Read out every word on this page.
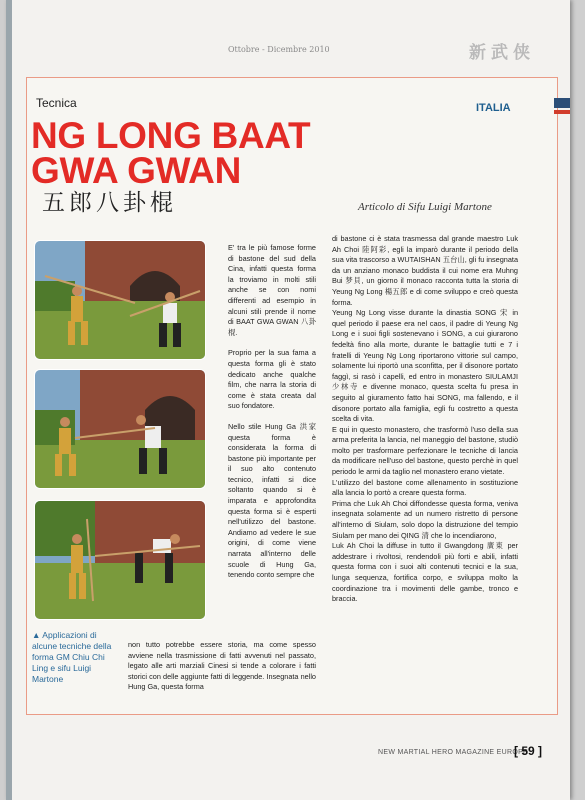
Ottobre - Dicembre 2010	新武侠
Tecnica	ITALIA
NG LONG BAAT
GWA GWAN
五郎八卦棍	Articolo di Sifu Luigi Martone
▲ Applicazioni di alcune tecniche della forma GM Chiu Chi Ling e sifu Luigi Martone

E' tra le più famose forme di bastone del sud della Cina, infatti questa forma la troviamo in molti stili anche se con nomi differenti ad esempio in alcuni stili prende il nome di BAAT GWA GWAN 八卦棍.

Proprio per la sua fama a questa forma gli è stato dedicato anche qualche film, che narra la storia di come è stata creata dal suo fondatore.

Nello stile Hung Ga 洪家 questa forma è considerata la forma di bastone più importante per il suo alto contenuto tecnico, infatti si dice soltanto quando si è imparata e approfondita questa forma si è esperti nell'utilizzo del bastone. Andiamo ad vedere le sue origini, di come viene narrata all'interno delle scuole di Hung Ga, tenendo conto sempre che

non tutto potrebbe essere storia, ma come spesso avviene nella trasmissione di fatti avvenuti nel passato, legato alle arti marziali Cinesi si tende a colorare i fatti storici con delle aggiunte fatti di leggende. Insegnata nello Hung Ga, questa forma

di bastone ci è stata trasmessa dal grande maestro Luk Ah Choi 陸阿彩, egli la imparò durante il periodo della sua vita trascorso a WUTAISHAN 五台山, gli fu insegnata da un anziano monaco buddista il cui nome era Muhng Bui 梦貝, un giorno il monaco racconta tutta la storia di Yeung Ng Long 楊五郎 e di come sviluppo e creò questa forma.

Yeung Ng Long visse durante la dinastia SONG 宋 in quel periodo il paese era nel caos, il padre di Yeung Ng Long e i suoi figli sostenevano i SONG, a cui giurarono fedeltà fino alla morte, durante le battaglie tutti e 7 i fratelli di Yeung Ng Long riportarono vittorie sul campo, solamente lui riportò una sconfitta, per il disonore portato faggì, si rasò i capelli, ed entro in monastero SIULAMJI 少林寺 e divenne monaco, questa scelta fu presa in seguito al giuramento fatto hai SONG, ma fallendo, e il disonore portato alla famiglia, egli fu costretto a questa scelta di vita.

E qui in questo monastero, che trasformò l'uso della sua arma preferita la lancia, nel maneggio del bastone, studiò molto per trasformare perfezionare le tecniche di lancia da modificare nell'uso del bastone, questo perchè in quel periodo le armi da taglio nel monastero erano vietate.

L'utilizzo del bastone come allenamento in sostituzione alla lancia lo portò a creare questa forma.

Prima che Luk Ah Choi diffondesse questa forma, veniva insegnata solamente ad un numero ristretto di persone all'interno di Siulam, solo dopo la distruzione del tempio Siulam per mano dei QING 清 che lo incendiarono,

Luk Ah Choi la diffuse in tutto il Gwangdong 廣東 per addestrare i rivoltosi, rendendoli più forti e abili, infatti questa forma con i suoi alti contenuti tecnici e la sua, lunga sequenza, fortifica corpo, e sviluppa molto la coordinazione tra i movimenti delle gambe, tronco e braccia.

NEW MARTIAL HERO MAGAZINE EUROPE
[ 59 ]
